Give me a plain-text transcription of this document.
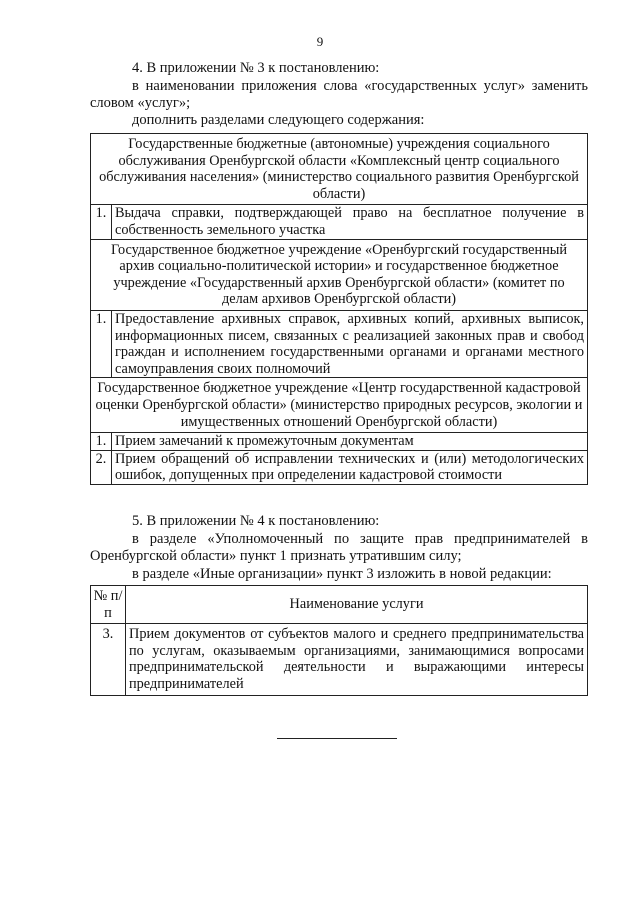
9
4. В приложении № 3 к постановлению:
в наименовании приложения слова «государственных услуг» заменить
словом «услуг»;
дополнить разделами следующего содержания:
Государственные бюджетные (автономные) учреждения социального обслуживания Оренбургской области «Комплексный центр социального обслуживания населения» (министерство социального развития Оренбургской области)	
1.	Выдача справки, подтверждающей право на бесплатное получение в собственность земельного участка
Государственное бюджетное учреждение «Оренбургский государственный архив социально-политической истории» и государственное бюджетное учреждение «Государственный архив Оренбургской области» (комитет по делам архивов Оренбургской области)	
1.	Предоставление архивных справок, архивных копий, архивных выписок, информационных писем, связанных с реализацией законных прав и свобод граждан и исполнением государственными органами и органами местного самоуправления своих полномочий
Государственное бюджетное учреждение «Центр государственной кадастровой оценки Оренбургской области» (министерство природных ресурсов, экологии и имущественных отношений Оренбургской области)	
1.	Прием замечаний к промежуточным документам
2.	Прием обращений об исправлении технических и (или) методологических ошибок, допущенных при определении кадастровой стоимости
5. В приложении № 4 к постановлению:
в разделе «Уполномоченный по защите прав предпринимателей в
Оренбургской области» пункт 1 признать утратившим силу;
в разделе «Иные организации» пункт 3 изложить в новой редакции:
№ п/п	Наименование услуги
3.	Прием документов от субъектов малого и среднего предпринимательства по услугам, оказываемым организациями, занимающимися вопросами предпринимательской деятельности и выражающими интересы предпринимателей
